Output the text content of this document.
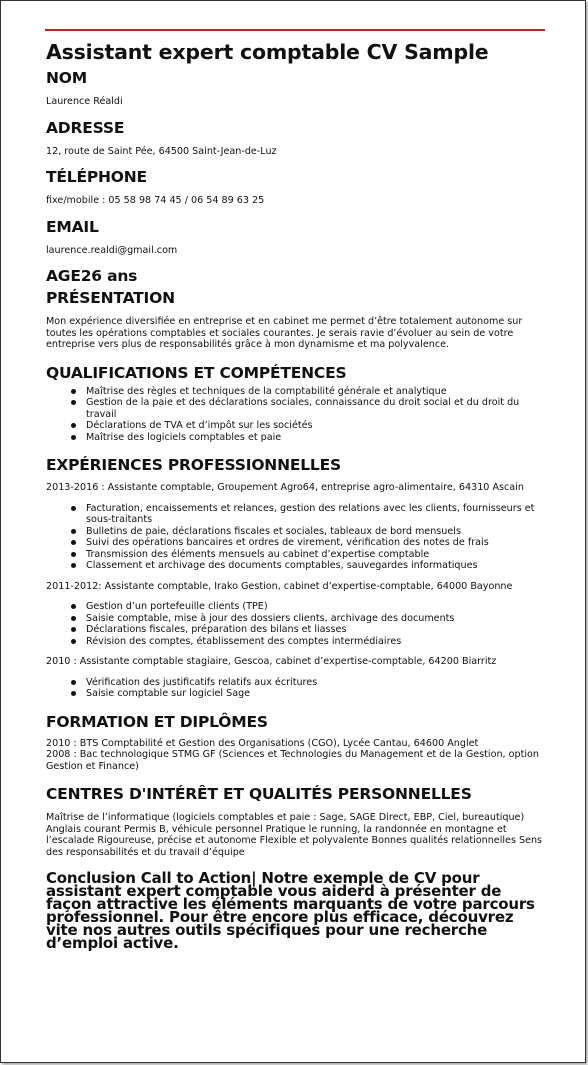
Assistant expert comptable CV Sample
NOM
Laurence Réaldi
ADRESSE
12, route de Saint Pée, 64500 Saint-Jean-de-Luz
TÉLÉPHONE
fixe/mobile : 05 58 98 74 45 / 06 54 89 63 25
EMAIL
laurence.realdi@gmail.com
AGE26 ans
PRÉSENTATION
Mon expérience diversifiée en entreprise et en cabinet me permet d’être totalement autonome sur toutes les opérations comptables et sociales courantes. Je serais ravie d’évoluer au sein de votre entreprise vers plus de responsabilités grâce à mon dynamisme et ma polyvalence.
QUALIFICATIONS ET COMPÉTENCES
Maîtrise des règles et techniques de la comptabilité générale et analytique
Gestion de la paie et des déclarations sociales, connaissance du droit social et du droit du travail
Déclarations de TVA et d’impôt sur les sociétés
Maîtrise des logiciels comptables et paie
EXPÉRIENCES PROFESSIONNELLES
2013-2016 : Assistante comptable, Groupement Agro64, entreprise agro-alimentaire, 64310 Ascain
Facturation, encaissements et relances, gestion des relations avec les clients, fournisseurs et sous-traitants
Bulletins de paie, déclarations fiscales et sociales, tableaux de bord mensuels
Suivi des opérations bancaires et ordres de virement, vérification des notes de frais
Transmission des éléments mensuels au cabinet d’expertise comptable
Classement et archivage des documents comptables, sauvegardes informatiques
2011-2012: Assistante comptable, Irako Gestion, cabinet d’expertise-comptable, 64000 Bayonne
Gestion d’un portefeuille clients (TPE)
Saisie comptable, mise à jour des dossiers clients, archivage des documents
Déclarations fiscales, préparation des bilans et liasses
Révision des comptes, établissement des comptes intermédiaires
2010 : Assistante comptable stagiaire, Gescoa, cabinet d’expertise-comptable, 64200 Biarritz
Vérification des justificatifs relatifs aux écritures
Saisie comptable sur logiciel Sage
FORMATION ET DIPLÔMES
2010 : BTS Comptabilité et Gestion des Organisations (CGO), Lycée Cantau, 64600 Anglet
2008 : Bac technologique STMG GF (Sciences et Technologies du Management et de la Gestion, option Gestion et Finance)
CENTRES D'INTÉRÊT ET QUALITÉS PERSONNELLES
Maîtrise de l’informatique (logiciels comptables et paie : Sage, SAGE Direct, EBP, Ciel, bureautique) Anglais courant Permis B, véhicule personnel Pratique le running, la randonnée en montagne et l’escalade Rigoureuse, précise et autonome Flexible et polyvalente Bonnes qualités relationnelles Sens des responsabilités et du travail d’équipe
Conclusion Call to Action| Notre exemple de CV pour assistant expert comptable vous aiderd à présenter de façon attractive les éléments marquants de votre parcours professionnel. Pour être encore plus efficace, découvrez vite nos autres outils spécifiques pour une recherche d’emploi active.
